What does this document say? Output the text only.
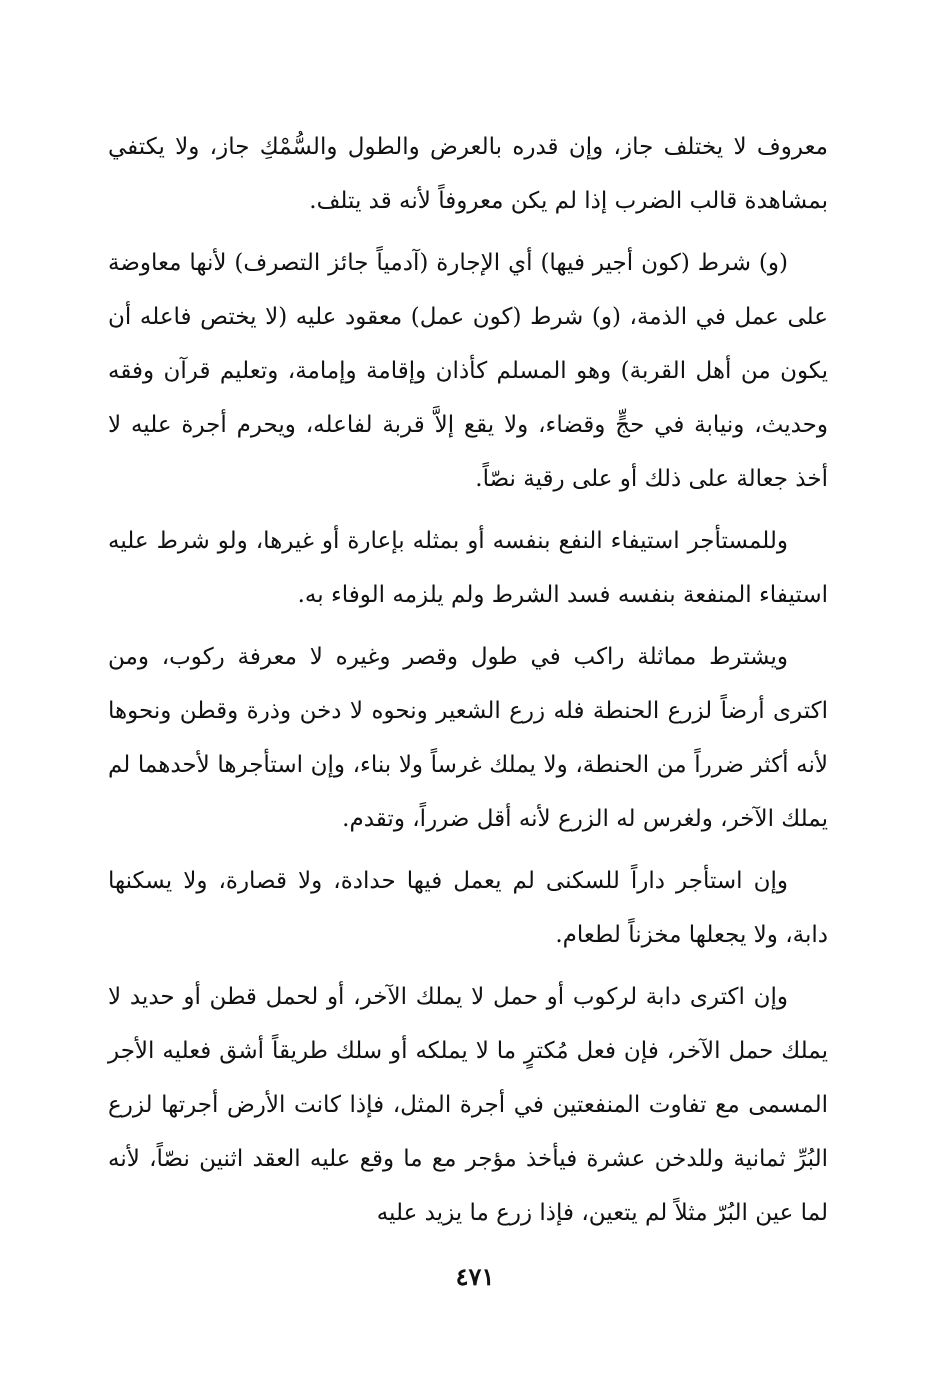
معروف لا يختلف جاز، وإن قدره بالعرض والطول والسُّمْكِ جاز، ولا يكتفي بمشاهدة قالب الضرب إذا لم يكن معروفاً لأنه قد يتلف.

(و) شرط (كون أجير فيها) أي الإجارة (آدمياً جائز التصرف) لأنها معاوضة على عمل في الذمة، (و) شرط (كون عمل) معقود عليه (لا يختص فاعله أن يكون من أهل القربة) وهو المسلم كأذان وإقامة وإمامة، وتعليم قرآن وفقه وحديث، ونيابة في حجٍّ وقضاء، ولا يقع إلاَّ قربة لفاعله، ويحرم أجرة عليه لا أخذ جعالة على ذلك أو على رقية نصّاً.

وللمستأجر استيفاء النفع بنفسه أو بمثله بإعارة أو غيرها، ولو شرط عليه استيفاء المنفعة بنفسه فسد الشرط ولم يلزمه الوفاء به.

ويشترط مماثلة راكب في طول وقصر وغيره لا معرفة ركوب، ومن اكترى أرضاً لزرع الحنطة فله زرع الشعير ونحوه لا دخن وذرة وقطن ونحوها لأنه أكثر ضرراً من الحنطة، ولا يملك غرساً ولا بناء، وإن استأجرها لأحدهما لم يملك الآخر، ولغرس له الزرع لأنه أقل ضرراً، وتقدم.

وإن استأجر داراً للسكنى لم يعمل فيها حدادة، ولا قصارة، ولا يسكنها دابة، ولا يجعلها مخزناً لطعام.

وإن اكترى دابة لركوب أو حمل لا يملك الآخر، أو لحمل قطن أو حديد لا يملك حمل الآخر، فإن فعل مُكترٍ ما لا يملكه أو سلك طريقاً أشق فعليه الأجر المسمى مع تفاوت المنفعتين في أجرة المثل، فإذا كانت الأرض أجرتها لزرع البُرِّ ثمانية وللدخن عشرة فيأخذ مؤجر مع ما وقع عليه العقد اثنين نصّاً، لأنه لما عين البُرّ مثلاً لم يتعين، فإذا زرع ما يزيد عليه

٤٧١
